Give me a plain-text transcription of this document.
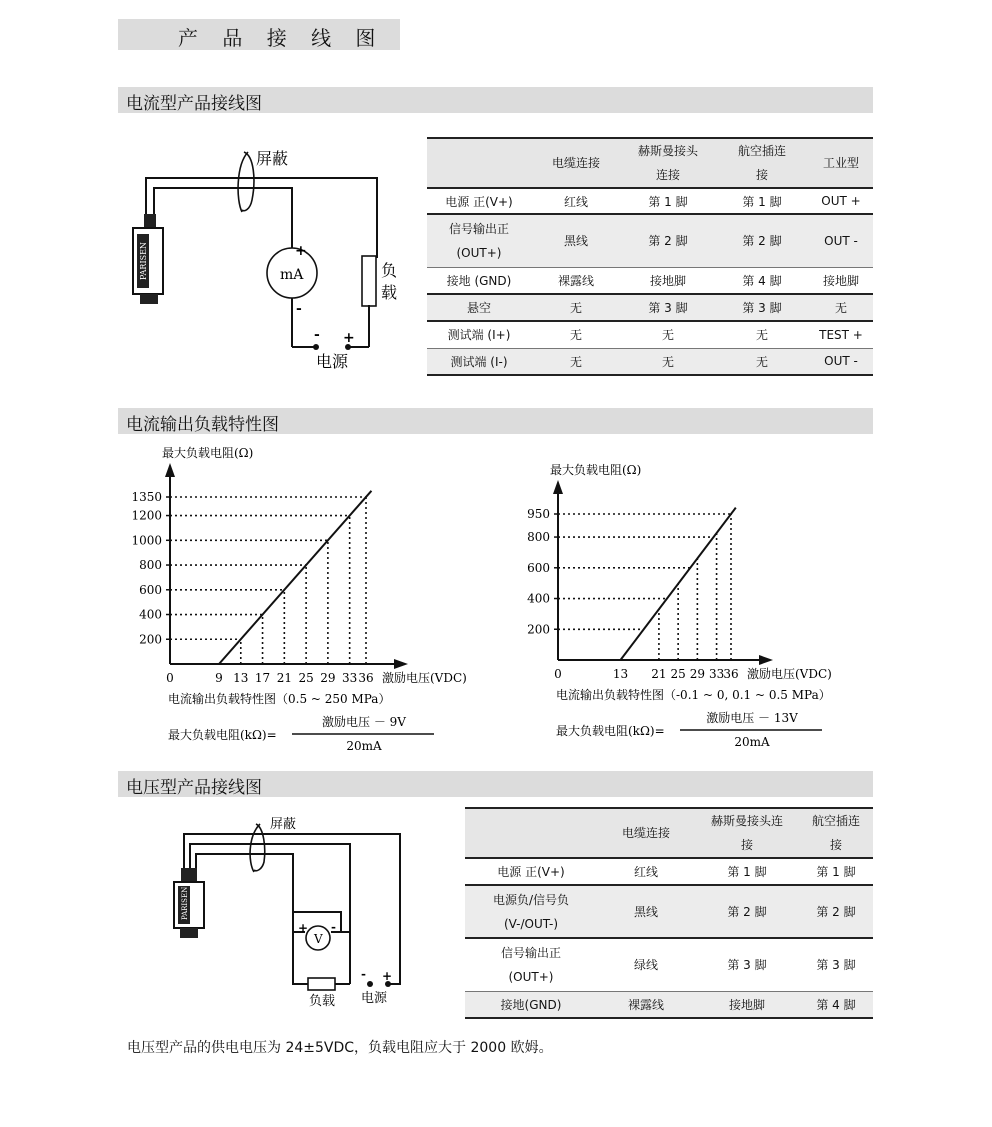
产 品 接 线 图
电流型产品接线图
PARISEN
屏蔽
mA
+
-
- +
负载
电源
	电缆连接	赫斯曼接头连接	航空插连接	工业型
电源 正(V+)	红线	第 1 脚	第 1 脚	OUT +

信号输出正(OUT+)	黑线	第 2 脚	第 2 脚	OUT -
接地 (GND)	裸露线	接地脚	第 4 脚	接地脚
悬空	无	第 3 脚	第 3 脚	无
测试端 (I+)	无	无	无	TEST +
测试端 (I-)	无	无	无	OUT -
电流输出负载特性图
最大负载电阻(Ω)
激励电压(VDC)
200
400
600
800
1000
1200
1350
0	9 13 17 21 25 29 33 36
电流输出负载特性图（0.5 ~ 250 MPa）
最大负载电阻(kΩ)=
激励电压 － 9V
20mA
最大负载电阻(Ω)
激励电压(VDC)
200
400
600
800
950
0	13 21 25 29 33 36
电流输出负载特性图（-0.1 ~ 0, 0.1 ~ 0.5 MPa）
最大负载电阻(kΩ)=
激励电压 － 13V
20mA
电压型产品接线图
PARISEN
屏蔽
V
+ -
- +
负载 电源
	电缆连接	赫斯曼接头连接	航空插连接

电源 正(V+)	红线	第 1 脚	第 1 脚

电源负/信号负(V-/OUT-)	黑线	第 2 脚	第 2 脚

信号输出正(OUT+)	绿线	第 3 脚	第 3 脚
接地(GND)	裸露线	接地脚	第 4 脚
电压型产品的供电电压为 24±5VDC，负载电阻应大于 2000 欧姆。
